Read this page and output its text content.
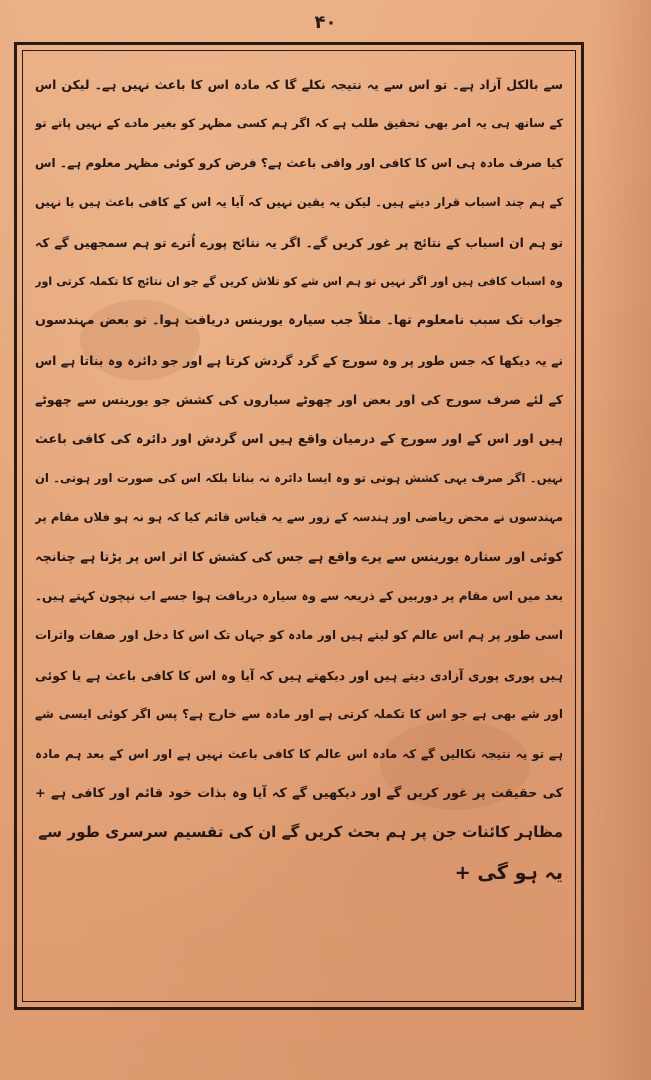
۴۰
سے بالکل آزاد ہے۔ تو اس سے یہ نتیجہ نکلے گا کہ مادہ اس کا باعث نہیں ہے۔ لیکن اس
کے ساتھ ہی یہ امر بھی تحقیق طلب ہے کہ اگر ہم کسی مظہر کو بغیر مادے کے نہیں پاتے تو
کیا صرف مادہ ہی اس کا کافی اور وافی باعث ہے؟ فرض کرو کوئی مظہر معلوم ہے۔ اس
کے ہم چند اسباب قرار دیتے ہیں۔ لیکن یہ یقین نہیں کہ آیا یہ اس کے کافی باعث ہیں یا نہیں
تو ہم ان اسباب کے نتائج پر غور کریں گے۔ اگر یہ نتائج پورے اُترے تو ہم سمجھیں گے کہ
وہ اسباب کافی ہیں اور اگر نہیں تو ہم اس شے کو تلاش کریں گے جو ان نتائج کا تکملہ کرتی اور
جواب تک سبب نامعلوم تھا۔ مثلاً جب سیارہ یورینس دریافت ہوا۔ تو بعض مہندسوں
نے یہ دیکھا کہ جس طور پر وہ سورج کے گرد گردش کرتا ہے اور جو دائرہ وہ بناتا ہے اس
کے لئے صرف سورج کی اور بعض اور چھوٹے سیاروں کی کشش جو یورینس سے چھوٹے
ہیں اور اس کے اور سورج کے درمیان واقع ہیں اس گردش اور دائرہ کی کافی باعث
نہیں۔ اگر صرف یہی کشش ہوتی تو وہ ایسا دائرہ نہ بناتا بلکہ اس کی صورت اور ہوتی۔ ان
مہندسوں نے محض ریاضی اور ہندسہ کے زور سے یہ قیاس قائم کیا کہ ہو نہ ہو فلاں مقام پر
کوئی اور ستارہ یورینس سے پرے واقع ہے جس کی کشش کا اثر اس پر پڑتا ہے چنانچہ
بعد میں اس مقام پر دوربین کے ذریعہ سے وہ سیارہ دریافت ہوا جسے اب نپچون کہتے ہیں۔
اسی طور پر ہم اس عالم کو لیتے ہیں اور مادہ کو جہاں تک اس کا دخل اور صفات واثرات
ہیں پوری پوری آزادی دیتے ہیں اور دیکھتے ہیں کہ آیا وہ اس کا کافی باعث ہے یا کوئی
اور شے بھی ہے جو اس کا تکملہ کرتی ہے اور مادہ سے خارج ہے؟ پس اگر کوئی ایسی شے
ہے تو یہ نتیجہ نکالیں گے کہ مادہ اس عالم کا کافی باعث نہیں ہے اور اس کے بعد ہم مادہ
کی حقیقت پر غور کریں گے اور دیکھیں گے کہ آیا وہ بذات خود قائم اور کافی ہے +
مظاہر کائنات جن پر ہم بحث کریں گے ان کی تقسیم سرسری طور سے
یہ ہو گی +
